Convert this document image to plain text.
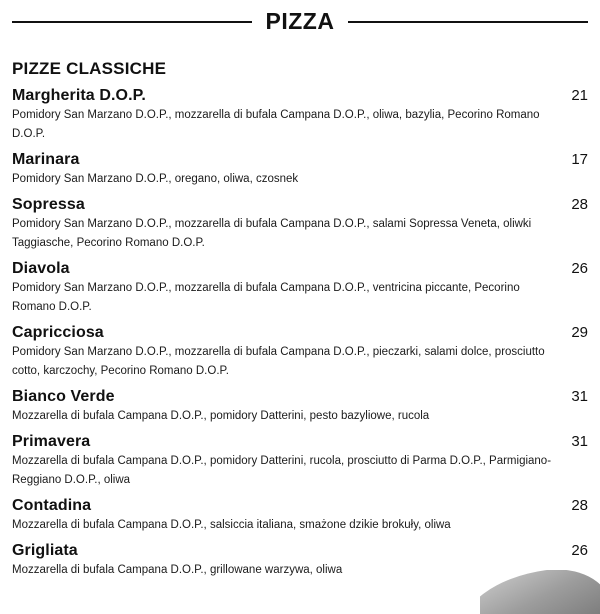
PIZZA
PIZZE CLASSICHE
Margherita D.O.P.	21
Pomidory San Marzano D.O.P., mozzarella di bufala Campana D.O.P., oliwa, bazylia, Pecorino Romano D.O.P.
Marinara	17
Pomidory San Marzano D.O.P., oregano, oliwa, czosnek
Sopressa	28
Pomidory San Marzano D.O.P., mozzarella di bufala Campana D.O.P., salami Sopressa Veneta, oliwki Taggiasche, Pecorino Romano D.O.P.
Diavola	26
Pomidory San Marzano D.O.P., mozzarella di bufala Campana D.O.P., ventricina piccante, Pecorino Romano D.O.P.
Capricciosa	29
Pomidory San Marzano D.O.P., mozzarella di bufala Campana D.O.P., pieczarki, salami dolce, prosciutto cotto, karczochy, Pecorino Romano D.O.P.
Bianco Verde	31
Mozzarella di bufala Campana D.O.P., pomidory Datterini, pesto bazyliowe, rucola
Primavera	31
Mozzarella di bufala Campana D.O.P., pomidory Datterini, rucola, prosciutto di Parma D.O.P., Parmigiano-Reggiano D.O.P., oliwa
Contadina	28
Mozzarella di bufala Campana D.O.P., salsiccia italiana, smażone dzikie brokuły, oliwa
Grigliata	26
Mozzarella di bufala Campana D.O.P., grillowane warzywa, oliwa
